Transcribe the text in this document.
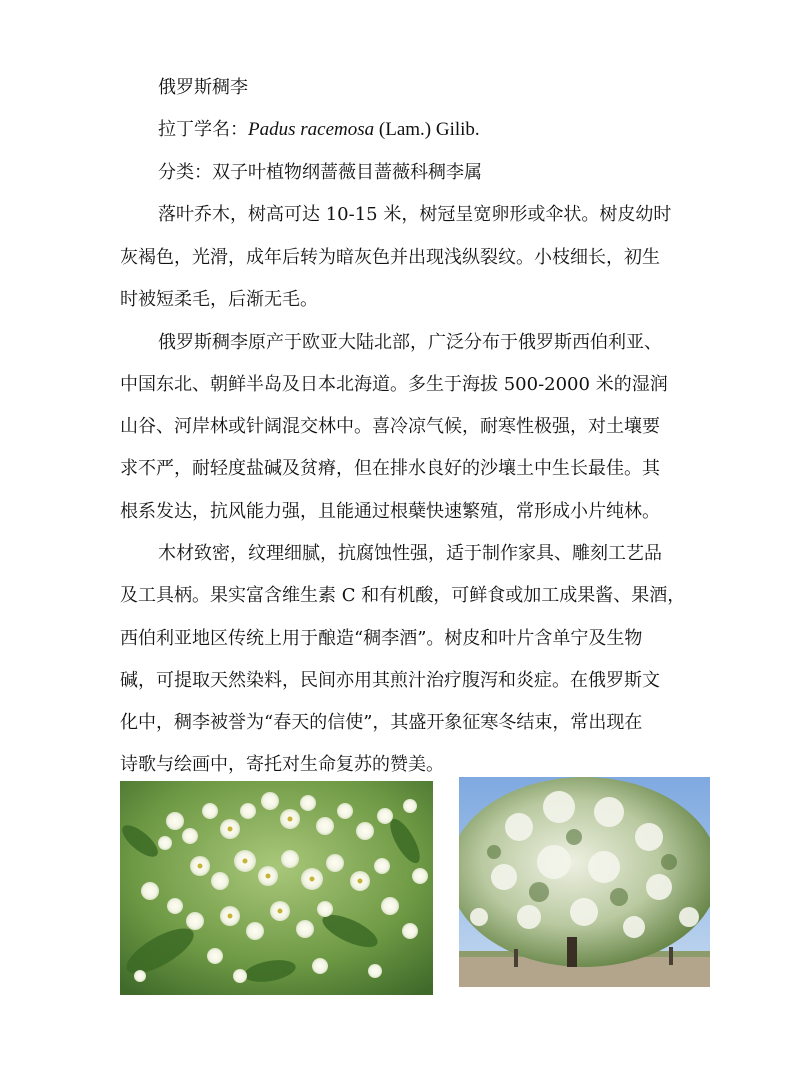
俄罗斯稠李
拉丁学名：Padus racemosa (Lam.) Gilib.
分类：双子叶植物纲蔷薇目蔷薇科稠李属
落叶乔木，树高可达 10-15 米，树冠呈宽卵形或伞状。树皮幼时
灰褐色，光滑，成年后转为暗灰色并出现浅纵裂纹。小枝细长，初生
时被短柔毛，后渐无毛。
俄罗斯稠李原产于欧亚大陆北部，广泛分布于俄罗斯西伯利亚、
中国东北、朝鲜半岛及日本北海道。多生于海拔 500-2000 米的湿润
山谷、河岸林或针阔混交林中。喜冷凉气候，耐寒性极强，对土壤要
求不严，耐轻度盐碱及贫瘠，但在排水良好的沙壤土中生长最佳。其
根系发达，抗风能力强，且能通过根蘖快速繁殖，常形成小片纯林。
木材致密，纹理细腻，抗腐蚀性强，适于制作家具、雕刻工艺品
及工具柄。果实富含维生素 C 和有机酸，可鲜食或加工成果酱、果酒，
西伯利亚地区传统上用于酿造“稠李酒”。树皮和叶片含单宁及生物
碱，可提取天然染料，民间亦用其煎汁治疗腹泻和炎症。在俄罗斯文
化中，稠李被誉为“春天的信使”，其盛开象征寒冬结束，常出现在
诗歌与绘画中，寄托对生命复苏的赞美。
